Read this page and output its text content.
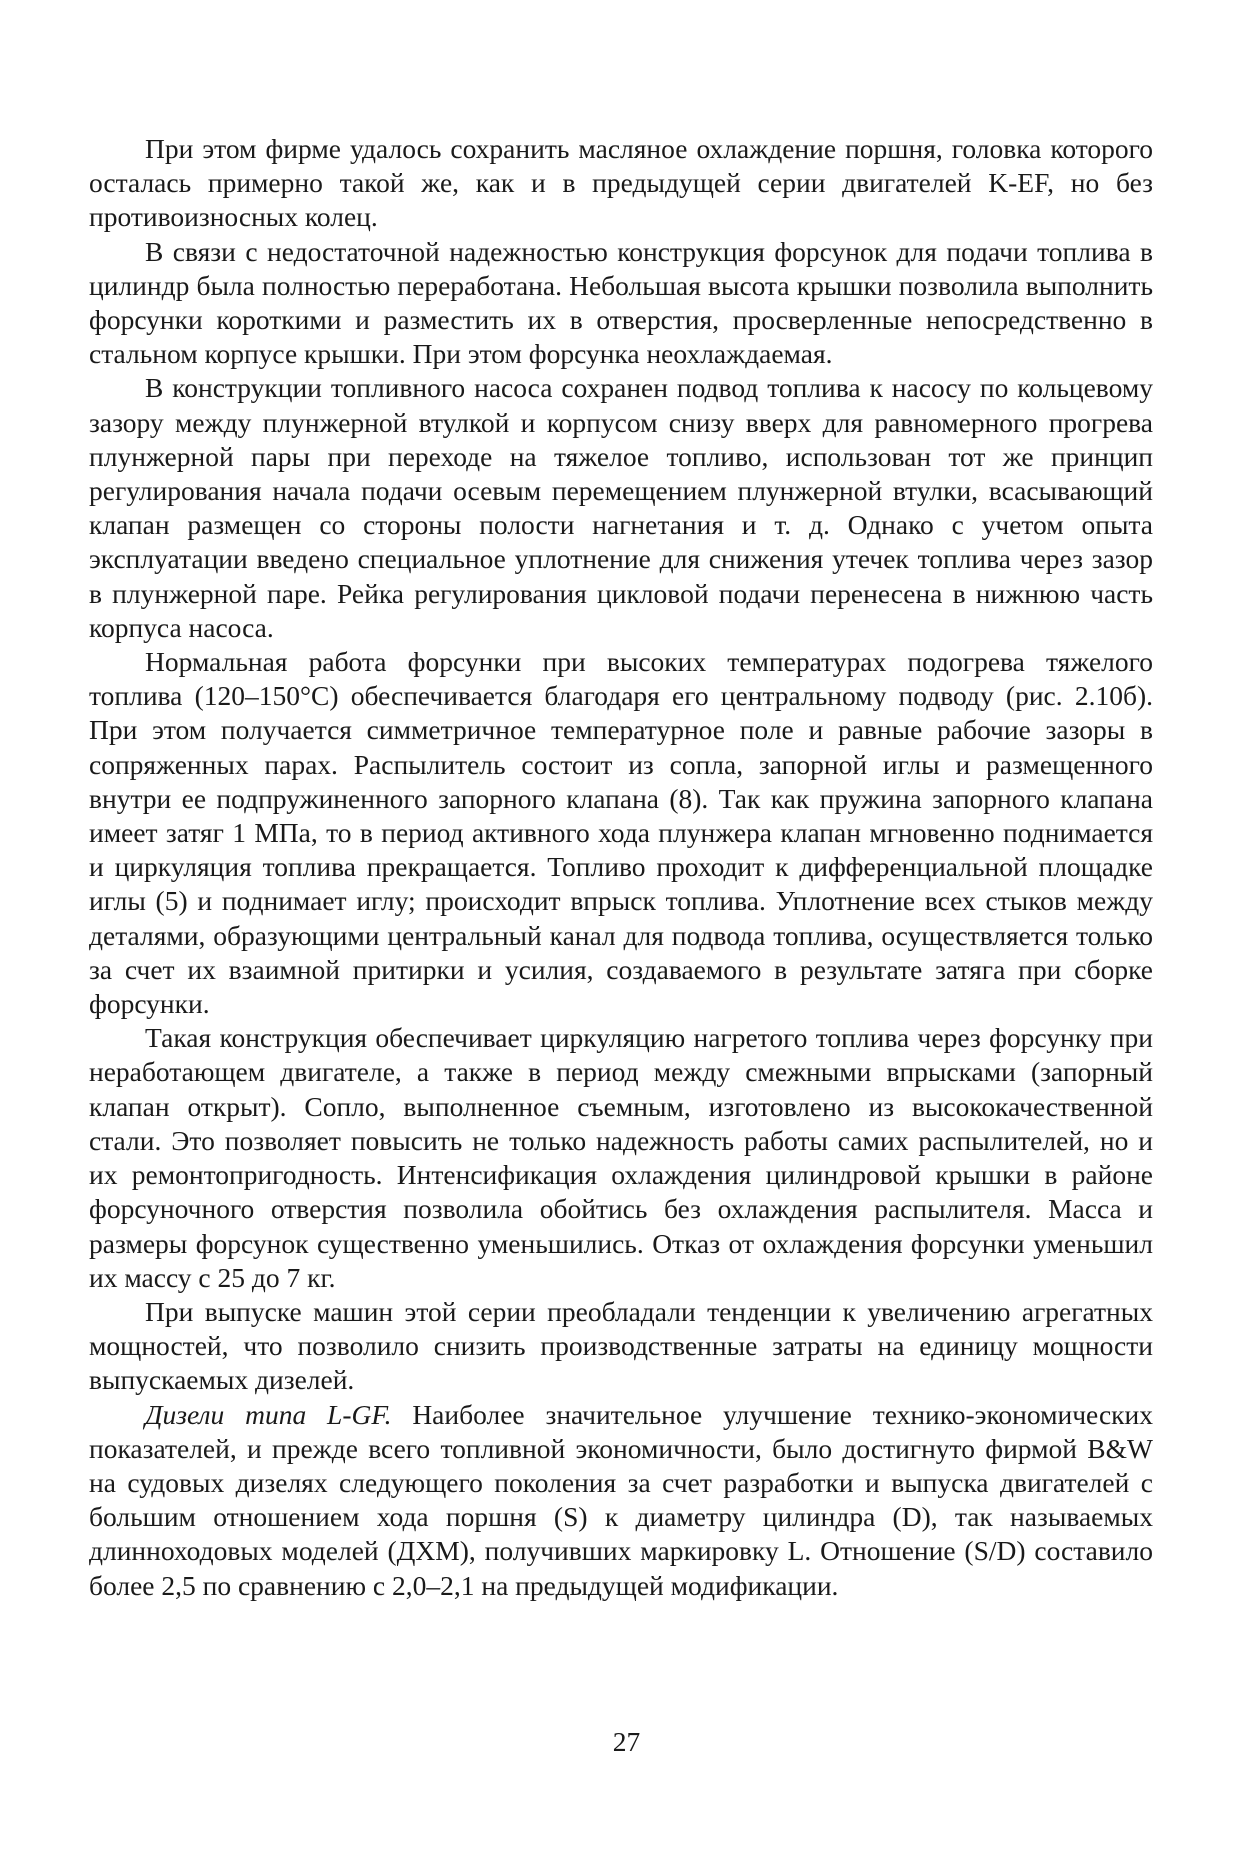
При этом фирме удалось сохранить масляное охлаждение поршня, головка которого осталась примерно такой же, как и в предыдущей серии двигателей K-EF, но без противоизносных колец.

В связи с недостаточной надежностью конструкция форсунок для подачи топлива в цилиндр была полностью переработана. Небольшая высота крышки позволила выполнить форсунки короткими и разместить их в отверстия, просверленные непосредственно в стальном корпусе крышки. При этом форсунка неохлаждаемая.

В конструкции топливного насоса сохранен подвод топлива к насосу по кольцевому зазору между плунжерной втулкой и корпусом снизу вверх для равномерного прогрева плунжерной пары при переходе на тяжелое топливо, использован тот же принцип регулирования начала подачи осевым перемещением плунжерной втулки, всасывающий клапан размещен со стороны полости нагнетания и т. д. Однако с учетом опыта эксплуатации введено специальное уплотнение для снижения утечек топлива через зазор в плунжерной паре. Рейка регулирования цикловой подачи перенесена в нижнюю часть корпуса насоса.

Нормальная работа форсунки при высоких температурах подогрева тяжелого топлива (120–150°C) обеспечивается благодаря его центральному подводу (рис. 2.10б). При этом получается симметричное температурное поле и равные рабочие зазоры в сопряженных парах. Распылитель состоит из сопла, запорной иглы и размещенного внутри ее подпружиненного запорного клапана (8). Так как пружина запорного клапана имеет затяг 1 МПа, то в период активного хода плунжера клапан мгновенно поднимается и циркуляция топлива прекращается. Топливо проходит к дифференциальной площадке иглы (5) и поднимает иглу; происходит впрыск топлива. Уплотнение всех стыков между деталями, образующими центральный канал для подвода топлива, осуществляется только за счет их взаимной притирки и усилия, создаваемого в результате затяга при сборке форсунки.

Такая конструкция обеспечивает циркуляцию нагретого топлива через форсунку при неработающем двигателе, а также в период между смежными впрысками (запорный клапан открыт). Сопло, выполненное съемным, изготовлено из высококачественной стали. Это позволяет повысить не только надежность работы самих распылителей, но и их ремонтопригодность. Интенсификация охлаждения цилиндровой крышки в районе форсуночного отверстия позволила обойтись без охлаждения распылителя. Масса и размеры форсунок существенно уменьшились. Отказ от охлаждения форсунки уменьшил их массу с 25 до 7 кг.

При выпуске машин этой серии преобладали тенденции к увеличению агрегатных мощностей, что позволило снизить производственные затраты на единицу мощности выпускаемых дизелей.

Дизели типа L-GF. Наиболее значительное улучшение технико-экономических показателей, и прежде всего топливной экономичности, было достигнуто фирмой B&W на судовых дизелях следующего поколения за счет разработки и выпуска двигателей с большим отношением хода поршня (S) к диаметру цилиндра (D), так называемых длинноходовых моделей (ДХМ), получивших маркировку L. Отношение (S/D) составило более 2,5 по сравнению с 2,0–2,1 на предыдущей модификации.

27
